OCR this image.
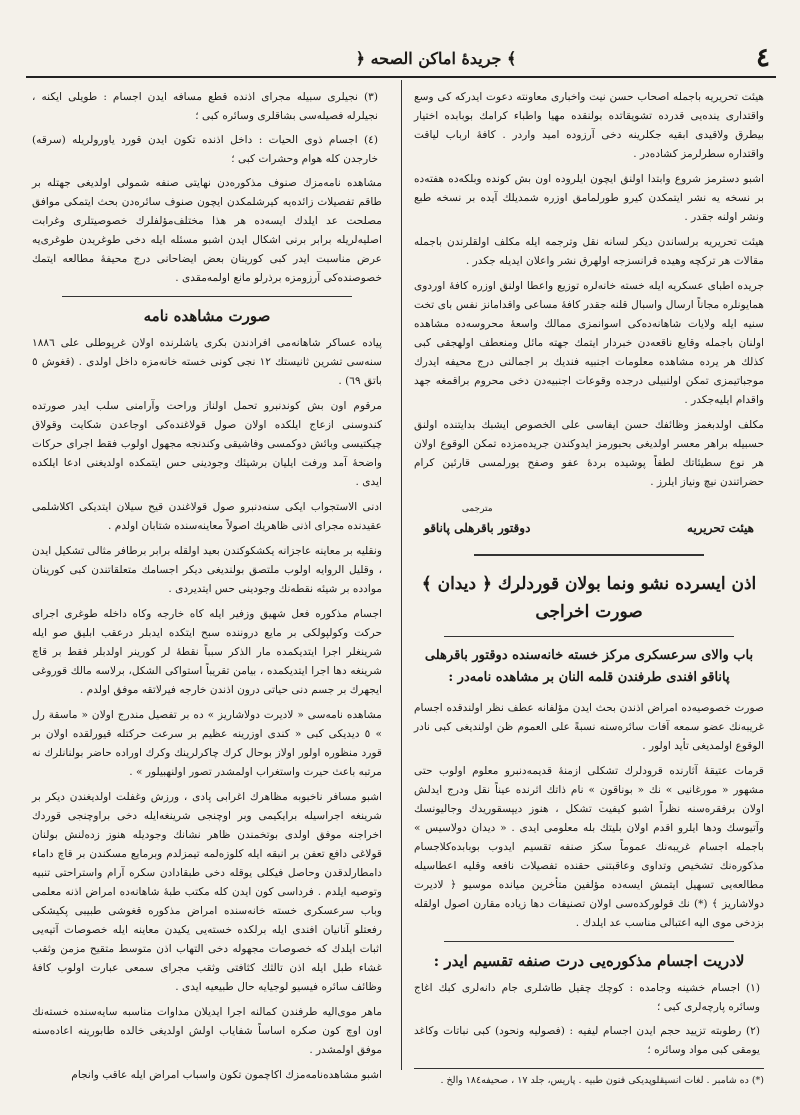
﴿ جريدهٔ اماكن الصحه ﴾	٤

هيئت تحريريه باجمله اصحاب حسن نيت واخباری معاونته دعوت ايدرکه کی وسع واقتداری ينده‌یی قدرده تشويقاتده بولنقده مهيا واطباء کرامك بوبابده اختيار بيطرق ولاقيدی ابقيه جکلرينه دخی آرزوده اميد واردر . کافهٔ ارباب لياقت واقتداره سطرلرمز کشاده‌در .

اشبو دسترمز شروع وابتدا اولنق ايچون ايلروده اون بش کونده وبلکه‌ده هفته‌ده بر نسخه يه نشر ايتمکدن کيرو طورلمامق اوزره شمديلك آيده بر نسخه طبع ونشر اولنه جقدر .

هيئت تحريريه برلساندن ديکر لسانه نقل وترجمه ايله مکلف اولقلرندن باجمله مقالات هر ترکچه وهيده قرانسزجه اولهرق نشر واعلان ايديله جکدر .

جريده اطبای عسکريه ايله خسته خانه‌لره توزيع واعطا اولنق اوزره کافهٔ اوردوی همايونلره مجاناً ارسال واسبال قلنه جقدر کافهٔ مساعی واقدامانز نفس بای تخت سنيه ايله ولايات شاهانه‌ده‌کی اسوانمزی ممالك واسعهٔ محروسه‌ده مشاهده اولنان باجمله وقايع ناقعه‌دن خبردار ايتمك جهته مائل ومنعطف اولهجقی کبی کذلك هر يرده مشاهده معلومات اجنبيه فنديك بر اجمالنی درج محيفه ايدرك موجباتيمزی تمکن اولنبيلی درجده وقوعات اجنبيه‌دن دخی محروم براقمغه جهد واقدام ايليه‌جکدر .

مکلف اولدبغمز وظائفك حسن ايفاسی علی الخصوص ايشبك بدايتنده اولنق حسبيله براهر معسر اولديغی بحبورمز ايدوکندن جريده‌مزده تمکن الوقوع اولان هر نوع سطيئاتك لطفاً پوشيده بردهٔ عفو وصفح يورلمسی قارئين کرام حضراتندن نيچ ونياز ايلرز .

هيئت تحريريه
مترجمی
دوقتور باقرهلی پاناقو
اذن ايسرده نشو ونما بولان قوردلرك ﴿ ديدان ﴾ صورت اخراجی
باب والای سرعسکری مرکز خسته خانه‌سنده دوقتور باقرهلی پاناقو افندی طرفندن قلمه النان بر مشاهده نامه‌در :

صورت خصوصيه‌ده امراض اذندن بحث ايدن مؤلفانه عطف نظر اولندقده اجسام غريبه‌نك عضو سمعه آفات سائره‌سنه نسبةً علی العموم ظن اولنديغی کبی نادر الوقوع اولمديغی تأيد اولور .

قرمات عتيقهٔ آثارنده قرودلرك تشکلی ازمنهٔ قديمه‌دنبرو معلوم اولوب حتی مشهور « مورغانيی » نك « بوناقون » نام ذاتك اثرنده عيناً نقل ودرج ايدلش اولان برفقره‌سنه نظراً اشبو کيفيت تشکل ، هنوز دیپسقوريدك وجاليونسك وآتيوسك ودها ايلرو اقدم اولان بليتك بله معلومی ايدی . « ديدان دولاسيس » باجمله اجسام غريبه‌نك عموماً سکز صنفه تقسيم ايدوب بوبابده‌کلاجسام مذکوره‌نك تشخيص وتداوی وعاقبتنی حقنده تفصيلات نافعه وقليه اعطاسيله مطالعه‌يی تسهيل ايتمش ايسه‌ده مؤلفين متأخرين ميانده موسيو ﴿ لاديرت دولاشاريز ﴾ (*) نك قولورکده‌سی اولان تصنيفات دها زياده مقارن اصول اولقله بزدخی موی اليه اعتبالی مناسب عد ايلدك .

لادريت اجسام مذکوره‌یی درت صنفه تقسيم ايدر :

(۱) اجسام خشينه وجامده : کوچك چقيل طاشلری جام دانه‌لری کبك اغاج وسائره پارچه‌لری کبی ؛

(۲) رطوبته تزييد حجم ايدن اجسام ليفيه : (فصوليه ونحود) کبی نباتات وکاغد يومقی کبی مواد وسائره ؛

(*) ده شامبر . لغات انسيقلوپديکی فنون طبيه . پاريس، جلد ١٧ ، صحيفه١٨٤ والخ .

(۳) نجيلری سبيله مجرای اذنده قطع مسافه ايدن اجسام : طويلی ايکنه ، نجيلرله فصيله‌سی بشاقلری وسائره کبی ؛

(٤) اجسام ذوی الحيات : داخل اذنده تکون ايدن قورد ياورولريله (سرقه) خارجدن کله هوام وحشرات کبی ؛

مشاهده نامه‌مزك صنوف مذکوره‌دن نهايتی صنفه شمولی اولديغی جهتله بر طاقم تفصيلات زائده‌يه کيرشلمکدن ايچون صنوف سائره‌دن بحث ايتمکی موافق مصلحت عد ايلدك ايسه‌ده هر هذا مختلف‌مؤلفلرك خصوصيتلری وغرابت اصليه‌لريله برابر برنی اشکال ايدن اشبو مسئله ايله دخی طوغريدن طوغری‌يه عرض مناسبت ايدر کبی کورينان بعض ايضاحانی درج محيفهٔ مطالعه ايتمك خصوصنده‌کی آرزومزه برذرلو مانع اولمه‌مقدی .

صورت مشاهده نامه

پياده عساکر شاهانه‌می افرادندن بکری ياشلرنده اولان غرپوطلی علی ١٨٨٦ سنه‌سی تشرين ثانيستك ١٢ نجی کونی خسته خانه‌مزه داخل اولدی . (قغوش ٥ باتق ٦٩) .

مرقوم اون بش کوندنبرو تحمل اولناز وراحت وآرامنی سلب ايدر صورتده کندوسنی ازعاج ايلکده اولان صول قولاغنده‌کی اوجاعدن شکايت وقولاق چيکتيسی وبائش دوکمسی وفاشيقی وکندنجه مجهول اولوب فقط اجرای حرکات واضحهٔ آمد ورفت ايليان برشيئك وجودينی حس ايتمکده اولديغنی ادعا ايلکده ايدی .

ادنی الاستجواب ايکی سنه‌دنبرو صول قولاغندن قيح سيلان ايتديکی اکلاشلمی عقيدنده مجرای اذنی ظاهريك اصولاً معاينه‌سنده شتابان اولدم .

ونقليه بر معاينه عاجزانه يکشکوکندن بعيد اولقله برابر برطافر مثالی تشکيل ايدن ، وقليل الروايه اولوب ملتصق بولنديغی ديکر اجسامك متعلقاتندن کبی کورينان موادده بر شيئه نقطه‌نك وجودينی حس ايتديردی .

اجسام مذکوره فعل شهيق وزفير ايله کاه خارجه وکاه داخله طوغری اجرای حرکت وکولپولکی بر مايع دروننده سبح ايتکده ايدبلر درعقب ابليق صو ايله شرينغلر اجرا ايتديکمده مار الذکر سبباً نقطهٔ لر کورينر اولدبلر فقط بر قاچ شرينغه دها اجرا ايتديکمده ، بيامن تقريباً استواکی الشکل، برلاسه مالك قوروغی ايجهرك بر جسم دنی حياتی درون اذندن خارجه فيرلاتقه موفق اولدم .

مشاهده نامه‌سی « لاديرت دولاشاريز » ده بر تفصيل مندرج اولان « ماسقة رل » ٥ ديديکی کبی « کندی اوزرينه عظيم بر سرعت حرکتله قيورلقده اولان بر قورد منظوره اولور اولاز بوحال کرك چاکرلرينك وکرك اوراده حاضر بولنانلرك نه مرتبه باعث حيرت واستغراب اولمشدر تصور اولنهبيلور » .

اشبو مسافر ناخبوبه مظاهرك اغرابی پادی ، ورزش وغفلت اولديغندن ديکر بر شرينغه اجراسيله برايکيمی وبر اوچنجی شرينغه‌ايله دخی براوچنجی قوردك اخراجنه موفق اولدی بوتخمندن ظاهر نشانك وجوديله هنوز زده‌لنش بولنان قولاغی دافع تعفن بر انبقه ايله کلوزه‌لمه تيمزلدم وبرمايع مسکندن بر قاچ داماء دامطارلدقدن وحاصل فيکلی يوقله دخی طبقادادن سکره آرام واستراحتی تنبيه وتوصيه ايلدم . فرداسی کون ايدن کله مکتب طبهٔ شاهانه‌ده امراض اذنه معلمی وباب سرعسکری خسته خانه‌سنده امراض مذکوره قغوشی طبيبی پکيشکی رفعتلو آنانيان افندی ايله برلکده خسته‌يی يکيدن معاينه ايله خصوصات آتيه‌يی اثبات ايلدك که خصوصات مجهوله دخی التهاب اذن متوسط متقيح مزمن وثقب غشاء طبل ايله اذن تالثك کثافتی وثقب مجرای سمعی عبارت اولوب کافهٔ وظائف سائره فيسيو لوجيايه حال طبيعيه ايدی .

ماهر موی‌اليه طرفندن کمالنه اجرا ايديلان مداوات مناسبه سايه‌سنده خسته‌نك اون اوچ کون صکره اساساً شفاياب اولش اولديغی خالده طابورينه اعاده‌سنه موفق اولمشدر .

اشبو مشاهده‌نامه‌مزك اکاچمون تکون واسباب امراض ايله عاقب وانجام
